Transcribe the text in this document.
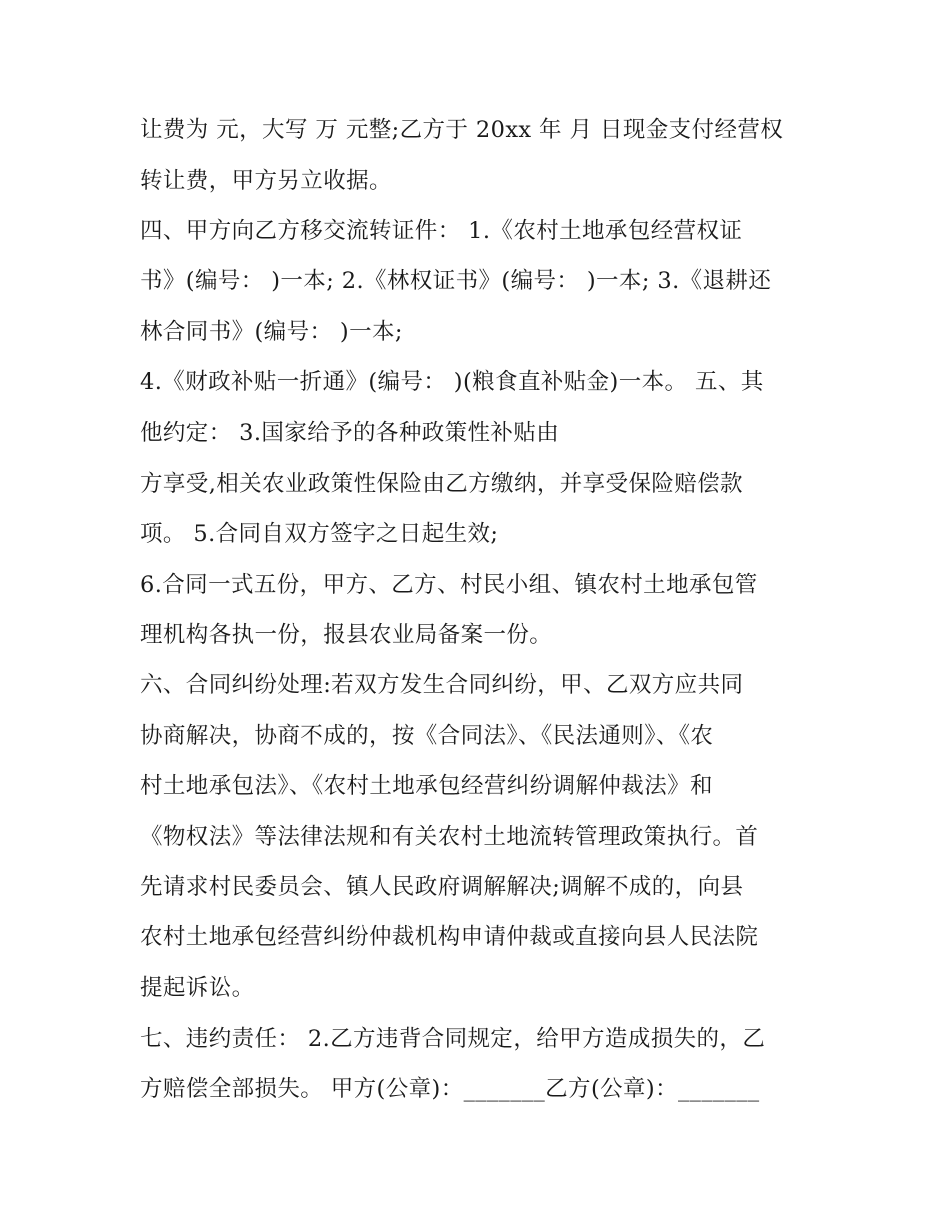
让费为 元，大写 万 元整;乙方于 20xx 年 月 日现金支付经营权
转让费，甲方另立收据。
四、甲方向乙方移交流转证件： 1.《农村土地承包经营权证
书》(编号： )一本; 2.《林权证书》(编号： )一本; 3.《退耕还
林合同书》(编号： )一本;
4.《财政补贴一折通》(编号： )(粮食直补贴金)一本。 五、其
他约定： 3.国家给予的各种政策性补贴由
方享受,相关农业政策性保险由乙方缴纳，并享受保险赔偿款
项。 5.合同自双方签字之日起生效;
6.合同一式五份，甲方、乙方、村民小组、镇农村土地承包管
理机构各执一份，报县农业局备案一份。
六、合同纠纷处理:若双方发生合同纠纷，甲、乙双方应共同
协商解决，协商不成的，按《合同法》、《民法通则》、《农
村土地承包法》、《农村土地承包经营纠纷调解仲裁法》和
《物权法》等法律法规和有关农村土地流转管理政策执行。首
先请求村民委员会、镇人民政府调解解决;调解不成的，向县
农村土地承包经营纠纷仲裁机构申请仲裁或直接向县人民法院
提起诉讼。
七、违约责任： 2.乙方违背合同规定，给甲方造成损失的，乙
方赔偿全部损失。 甲方(公章)：_______乙方(公章)：_______
